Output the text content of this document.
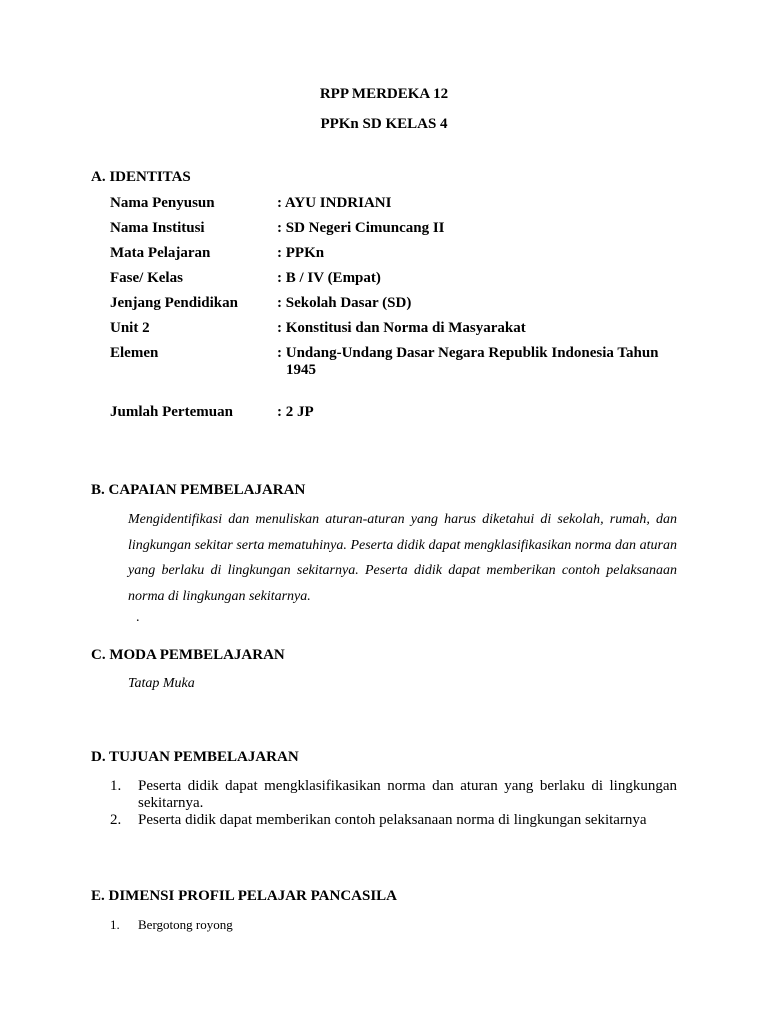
RPP MERDEKA 12
PPKn SD KELAS 4
A. IDENTITAS
Nama Penyusun	: AYU INDRIANI
Nama Institusi	: SD Negeri Cimuncang II
Mata Pelajaran	: PPKn
Fase/ Kelas	: B / IV (Empat)
Jenjang Pendidikan	: Sekolah Dasar (SD)
Unit 2	: Konstitusi dan Norma di Masyarakat
Elemen	: Undang-Undang Dasar Negara Republik Indonesia Tahun 1945
Jumlah Pertemuan	: 2 JP
B. CAPAIAN PEMBELAJARAN
Mengidentifikasi dan menuliskan aturan-aturan yang harus diketahui di sekolah, rumah, dan lingkungan sekitar serta mematuhinya. Peserta didik dapat mengklasifikasikan norma dan aturan yang berlaku di lingkungan sekitarnya. Peserta didik dapat memberikan contoh pelaksanaan norma di lingkungan sekitarnya.
.
C. MODA PEMBELAJARAN
Tatap Muka
D. TUJUAN PEMBELAJARAN
1.	Peserta didik dapat mengklasifikasikan norma dan aturan yang berlaku di lingkungan sekitarnya.
2.	Peserta didik dapat memberikan contoh pelaksanaan norma di lingkungan sekitarnya
E. DIMENSI PROFIL PELAJAR PANCASILA
1. Bergotong royong
